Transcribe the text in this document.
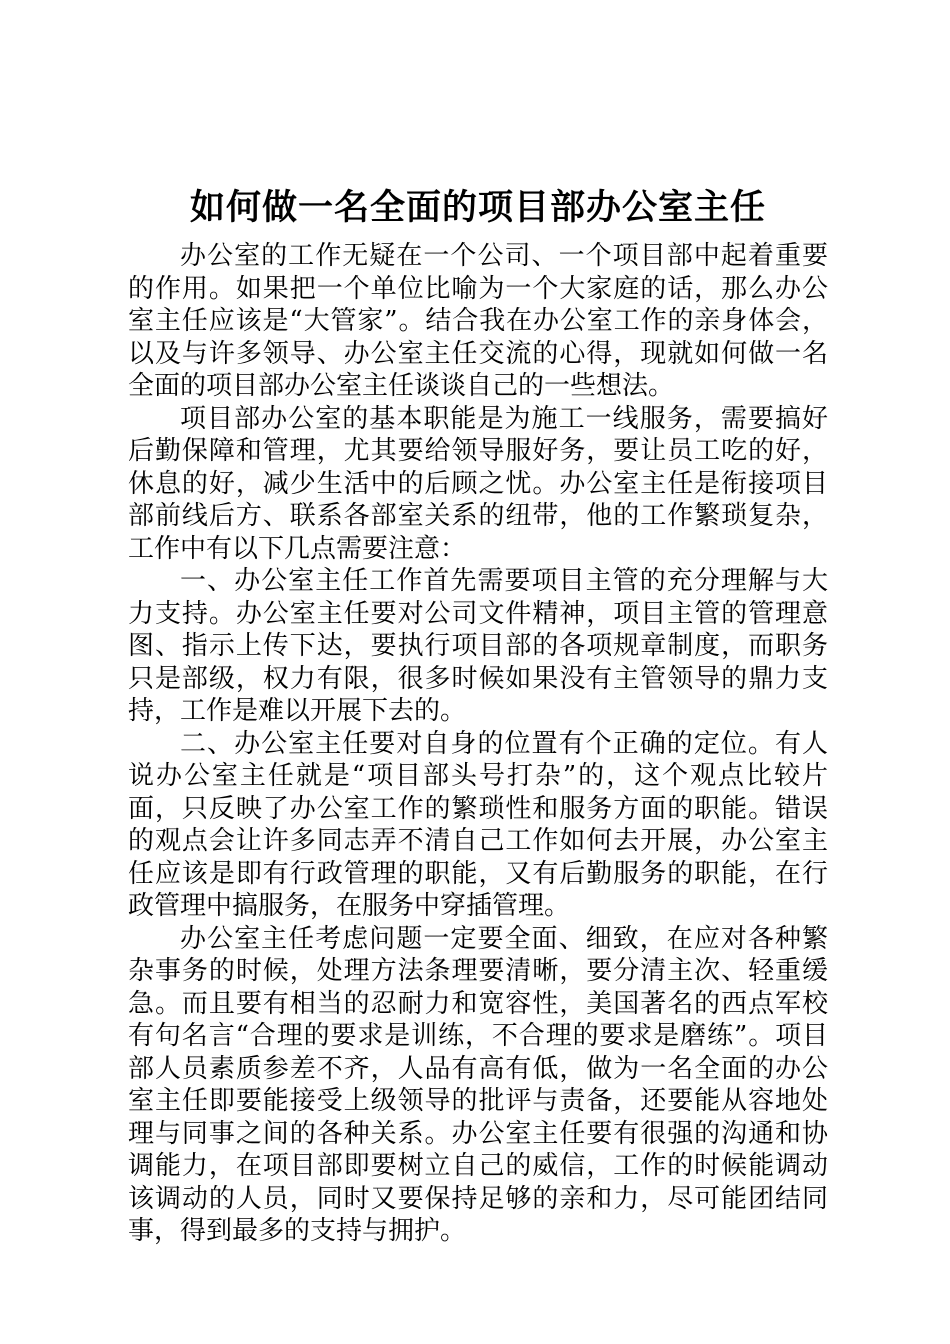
如何做一名全面的项目部办公室主任

办公室的工作无疑在一个公司、一个项目部中起着重要的作用。如果把一个单位比喻为一个大家庭的话，那么办公室主任应该是“大管家”。结合我在办公室工作的亲身体会，以及与许多领导、办公室主任交流的心得，现就如何做一名全面的项目部办公室主任谈谈自己的一些想法。

项目部办公室的基本职能是为施工一线服务，需要搞好后勤保障和管理，尤其要给领导服好务，要让员工吃的好，休息的好，减少生活中的后顾之忧。办公室主任是衔接项目部前线后方、联系各部室关系的纽带，他的工作繁琐复杂，工作中有以下几点需要注意：

一、办公室主任工作首先需要项目主管的充分理解与大力支持。办公室主任要对公司文件精神，项目主管的管理意图、指示上传下达，要执行项目部的各项规章制度，而职务只是部级，权力有限，很多时候如果没有主管领导的鼎力支持，工作是难以开展下去的。

二、办公室主任要对自身的位置有个正确的定位。有人说办公室主任就是“项目部头号打杂”的，这个观点比较片面，只反映了办公室工作的繁琐性和服务方面的职能。错误的观点会让许多同志弄不清自己工作如何去开展，办公室主任应该是即有行政管理的职能，又有后勤服务的职能，在行政管理中搞服务，在服务中穿插管理。

办公室主任考虑问题一定要全面、细致，在应对各种繁杂事务的时候，处理方法条理要清晰，要分清主次、轻重缓急。而且要有相当的忍耐力和宽容性，美国著名的西点军校有句名言“合理的要求是训练，不合理的要求是磨练”。项目部人员素质参差不齐，人品有高有低，做为一名全面的办公室主任即要能接受上级领导的批评与责备，还要能从容地处理与同事之间的各种关系。办公室主任要有很强的沟通和协调能力，在项目部即要树立自己的威信，工作的时候能调动该调动的人员，同时又要保持足够的亲和力，尽可能团结同事，得到最多的支持与拥护。
